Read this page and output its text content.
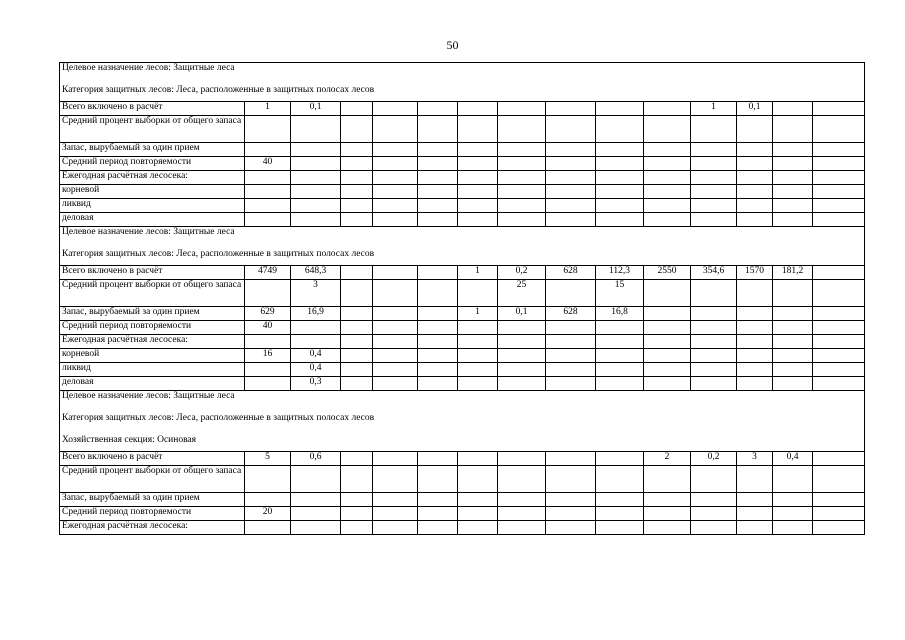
50
Целевое назначение лесов: Защитные леса														
Категория защитных лесов: Леса, расположенные в защитных полосах лесов														
Всего включено в расчёт	1	0,1									1	0,1		
Средний процент выборки от общего запаса														
Запас, вырубаемый за один прием														
Средний период повторяемости	40													
Ежегодная расчётная лесосека:														
корневой														
ликвид														
деловая														
Целевое назначение лесов: Защитные леса														
Категория защитных лесов: Леса, расположенные в защитных полосах лесов														
Всего включено в расчёт	4749	648,3				1	0,2	628	112,3	2550	354,6	1570	181,2	
Средний процент выборки от общего запаса		3					25		15					
Запас, вырубаемый за один прием	629	16,9				1	0,1	628	16,8					
Средний период повторяемости	40													
Ежегодная расчётная лесосека:														
корневой	16	0,4												
ликвид		0,4												
деловая		0,3												
Целевое назначение лесов: Защитные леса														
Категория защитных лесов: Леса, расположенные в защитных полосах лесов														
Хозяйственная секция: Осиновая														
Всего включено в расчёт	5	0,6								2	0,2	3	0,4	
Средний процент выборки от общего запаса														
Запас, вырубаемый за один прием														
Средний период повторяемости	20													
Ежегодная расчётная лесосека:														
